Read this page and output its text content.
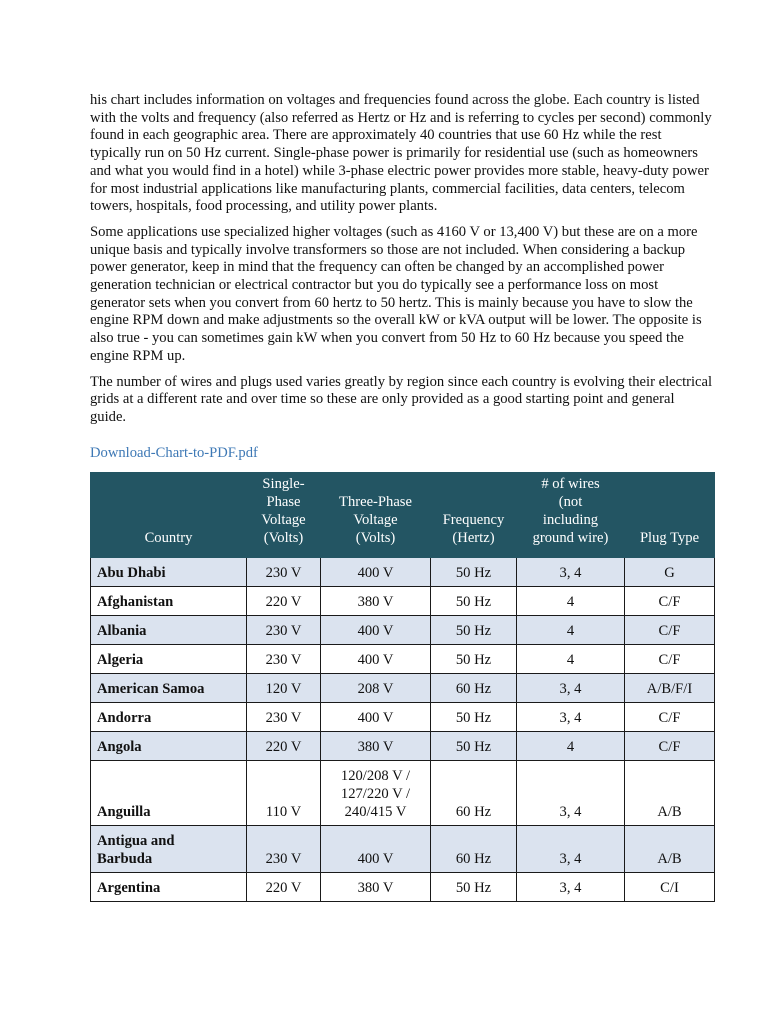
his chart includes information on voltages and frequencies found across the globe. Each country is listed with the volts and frequency (also referred as Hertz or Hz and is referring to cycles per second) commonly found in each geographic area. There are approximately 40 countries that use 60 Hz while the rest typically run on 50 Hz current. Single-phase power is primarily for residential use (such as homeowners and what you would find in a hotel) while 3-phase electric power provides more stable, heavy-duty power for most industrial applications like manufacturing plants, commercial facilities, data centers, telecom towers, hospitals, food processing, and utility power plants.

Some applications use specialized higher voltages (such as 4160 V or 13,400 V) but these are on a more unique basis and typically involve transformers so those are not included. When considering a backup power generator, keep in mind that the frequency can often be changed by an accomplished power generation technician or electrical contractor but you do typically see a performance loss on most generator sets when you convert from 60 hertz to 50 hertz. This is mainly because you have to slow the engine RPM down and make adjustments so the overall kW or kVA output will be lower. The opposite is also true - you can sometimes gain kW when you convert from 50 Hz to 60 Hz because you speed the engine RPM up.

The number of wires and plugs used varies greatly by region since each country is evolving their electrical grids at a different rate and over time so these are only provided as a good starting point and general guide.

Download-Chart-to-PDF.pdf
Country	Single-
Phase
Voltage
(Volts)	Three-Phase
Voltage
(Volts)	Frequency
(Hertz)	# of wires
(not
including
ground wire)	Plug Type

Abu Dhabi	230 V	400 V	50 Hz	3, 4	G

Afghanistan	220 V	380 V	50 Hz	4	C/F

Albania	230 V	400 V	50 Hz	4	C/F

Algeria	230 V	400 V	50 Hz	4	C/F

American Samoa	120 V	208 V	60 Hz	3, 4	A/B/F/I

Andorra	230 V	400 V	50 Hz	3, 4	C/F

Angola	220 V	380 V	50 Hz	4	C/F

Anguilla	110 V	120/208 V /
127/220 V /
240/415 V	60 Hz	3, 4	A/B

Antigua and
Barbuda	230 V	400 V	60 Hz	3, 4	A/B

Argentina	220 V	380 V	50 Hz	3, 4	C/I
